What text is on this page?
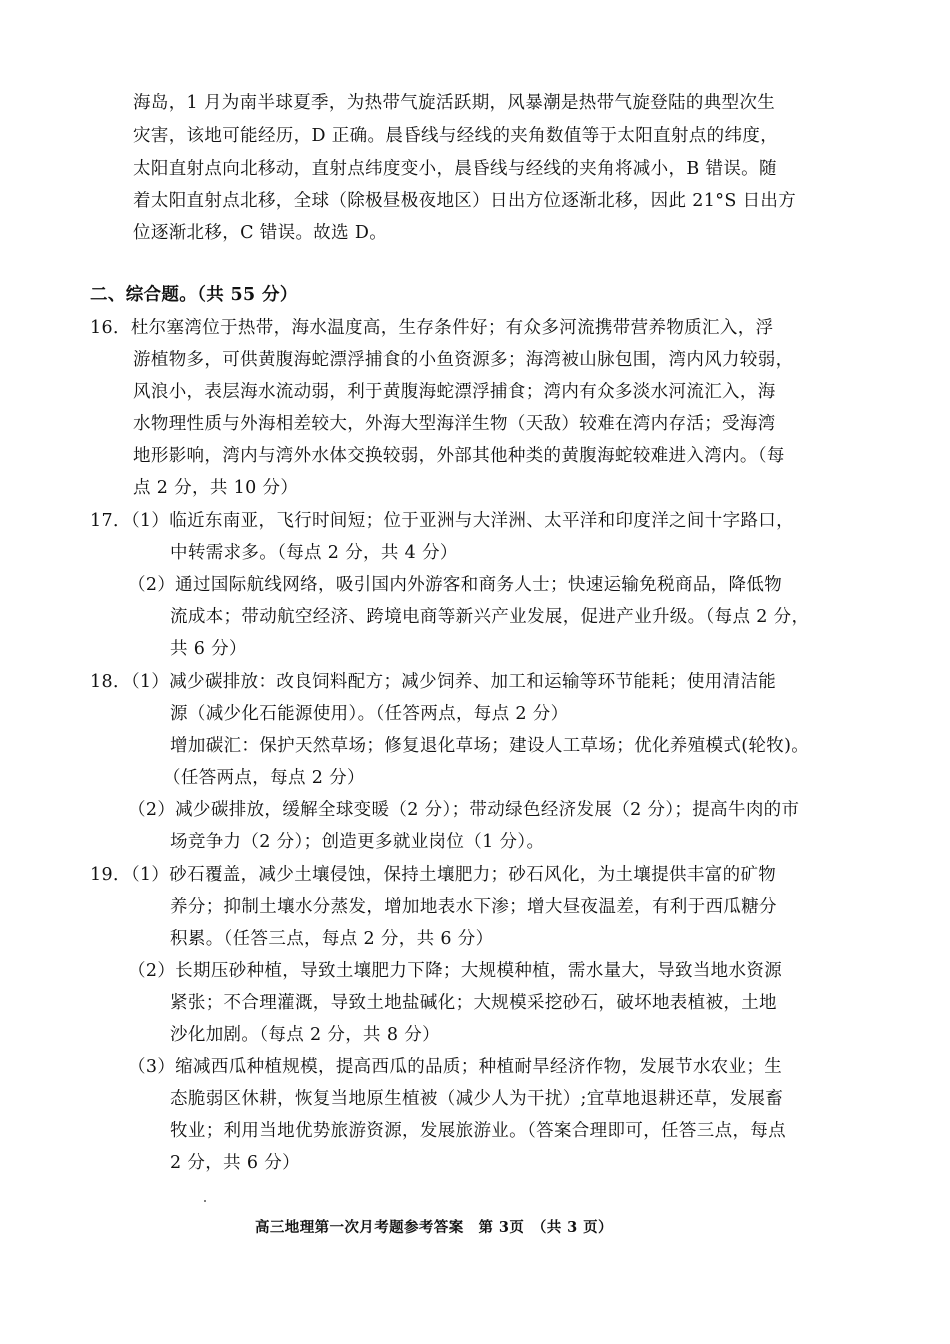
海岛，1 月为南半球夏季，为热带气旋活跃期，风暴潮是热带气旋登陆的典型次生
灾害，该地可能经历，D 正确。晨昏线与经线的夹角数值等于太阳直射点的纬度，
太阳直射点向北移动，直射点纬度变小，晨昏线与经线的夹角将减小，B 错误。随
着太阳直射点北移，全球（除极昼极夜地区）日出方位逐渐北移，因此 21°S 日出方
位逐渐北移，C 错误。故选 D。
二、综合题。（共 55 分）
16．杜尔塞湾位于热带，海水温度高，生存条件好；有众多河流携带营养物质汇入，浮
游植物多，可供黄腹海蛇漂浮捕食的小鱼资源多；海湾被山脉包围，湾内风力较弱，
风浪小，表层海水流动弱，利于黄腹海蛇漂浮捕食；湾内有众多淡水河流汇入，海
水物理性质与外海相差较大，外海大型海洋生物（天敌）较难在湾内存活；受海湾
地形影响，湾内与湾外水体交换较弱，外部其他种类的黄腹海蛇较难进入湾内。（每
点 2 分，共 10 分）
17．（1）临近东南亚，飞行时间短；位于亚洲与大洋洲、太平洋和印度洋之间十字路口，
中转需求多。（每点 2 分，共 4 分）
（2）通过国际航线网络，吸引国内外游客和商务人士；快速运输免税商品，降低物
流成本；带动航空经济、跨境电商等新兴产业发展，促进产业升级。（每点 2 分，
共 6 分）
18．（1）减少碳排放：改良饲料配方；减少饲养、加工和运输等环节能耗；使用清洁能
源（减少化石能源使用）。（任答两点，每点 2 分）
增加碳汇：保护天然草场；修复退化草场；建设人工草场；优化养殖模式(轮牧)。
（任答两点，每点 2 分）
（2）减少碳排放，缓解全球变暖（2 分）；带动绿色经济发展（2 分）；提高牛肉的市
场竞争力（2 分）；创造更多就业岗位（1 分）。
19．（1）砂石覆盖，减少土壤侵蚀，保持土壤肥力；砂石风化，为土壤提供丰富的矿物
养分；抑制土壤水分蒸发，增加地表水下渗；增大昼夜温差，有利于西瓜糖分
积累。（任答三点，每点 2 分，共 6 分）
（2）长期压砂种植，导致土壤肥力下降；大规模种植，需水量大，导致当地水资源
紧张；不合理灌溉，导致土地盐碱化；大规模采挖砂石，破坏地表植被，土地
沙化加剧。（每点 2 分，共 8 分）
（3）缩减西瓜种植规模，提高西瓜的品质；种植耐旱经济作物，发展节水农业；生
态脆弱区休耕，恢复当地原生植被（减少人为干扰）;宜草地退耕还草，发展畜
牧业；利用当地优势旅游资源，发展旅游业。（答案合理即可，任答三点，每点
2 分，共 6 分）
高三地理第一次月考题参考答案　第 3页　（共 3 页）
